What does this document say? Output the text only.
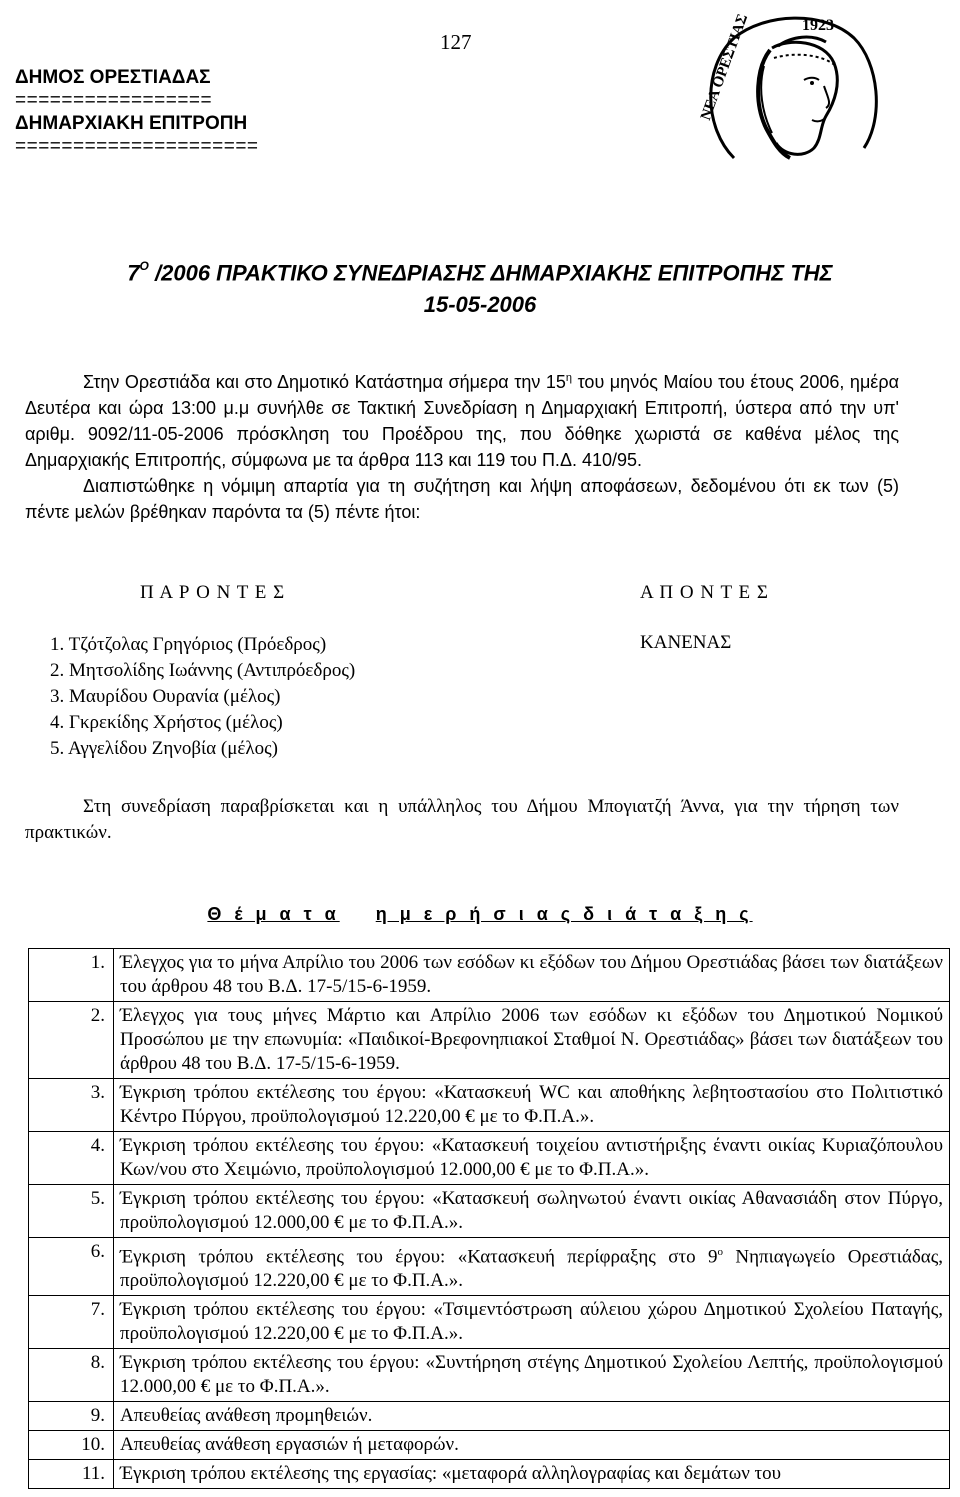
127
ΔΗΜΟΣ ΟΡΕΣΤΙΑΔΑΣ
=================
ΔΗΜΑΡΧΙΑΚΗ ΕΠΙΤΡΟΠΗ
=====================
1923
ΝΕΑ ΟΡΕΣΤΙΑΣ
$7^O$ /2006 ΠΡΑΚΤΙΚΟ ΣΥΝΕΔΡΙΑΣΗΣ ΔΗΜΑΡΧΙΑΚΗΣ ΕΠΙΤΡΟΠΗΣ ΤΗΣ
15-05-2006

Στην Ορεστιάδα και στο Δημοτικό Κατάστημα σήμερα την $15^\eta$ του μηνός Μαίου του έτους 2006, ημέρα Δευτέρα και ώρα 13:00 μ.μ συνήλθε σε Τακτική Συνεδρίαση η Δημαρχιακή Επιτροπή, ύστερα από την υπ' αριθμ. 9092/11-05-2006 πρόσκληση του Προέδρου της, που δόθηκε χωριστά σε καθένα μέλος της Δημαρχιακής Επιτροπής, σύμφωνα με τα άρθρα 113 και 119 του Π.Δ. 410/95.

Διαπιστώθηκε η νόμιμη απαρτία για τη συζήτηση και λήψη αποφάσεων, δεδομένου ότι εκ των (5) πέντε μελών βρέθηκαν παρόντα τα (5) πέντε ήτοι:

Π Α Ρ Ο Ν Τ Ε Σ	Α Π Ο Ν Τ Ε Σ
1. Τζότζολας Γρηγόριος (Πρόεδρος)
2. Μητσολίδης Ιωάννης (Αντιπρόεδρος)
3. Μαυρίδου Ουρανία (μέλος)
4. Γκρεκίδης Χρήστος (μέλος)
5. Αγγελίδου Ζηνοβία (μέλος)
ΚΑΝΕΝΑΣ

Στη συνεδρίαση παραβρίσκεται και η υπάλληλος του Δήμου Μπογιατζή Άννα, για την τήρηση των πρακτικών.

Θ έ μ α τ α η μ ε ρ ή σ ι α ς δ ι ά τ α ξ η ς
1.	Έλεγχος για το μήνα Απρίλιο του 2006 των εσόδων κι εξόδων του Δήμου Ορεστιάδας βάσει των διατάξεων του άρθρου 48 του Β.Δ. 17-5/15-6-1959.
2.	Έλεγχος για τους μήνες Μάρτιο και Απρίλιο 2006 των εσόδων κι εξόδων του Δημοτικού Νομικού Προσώπου με την επωνυμία: «Παιδικοί-Βρεφονηπιακοί Σταθμοί Ν. Ορεστιάδας» βάσει των διατάξεων του άρθρου 48 του Β.Δ. 17-5/15-6-1959.
3.	Έγκριση τρόπου εκτέλεσης του έργου: «Κατασκευή WC και αποθήκης λεβητοστασίου στο Πολιτιστικό Κέντρο Πύργου, προϋπολογισμού 12.220,00 € με το Φ.Π.Α.».
4.	Έγκριση τρόπου εκτέλεσης του έργου: «Κατασκευή τοιχείου αντιστήριξης έναντι οικίας Κυριαζόπουλου Κων/νου στο Χειμώνιο, προϋπολογισμού 12.000,00 € με το Φ.Π.Α.».
5.	Έγκριση τρόπου εκτέλεσης του έργου: «Κατασκευή σωληνωτού έναντι οικίας Αθανασιάδη στον Πύργο, προϋπολογισμού 12.000,00 € με το Φ.Π.Α.».
6.	Έγκριση τρόπου εκτέλεσης του έργου: «Κατασκευή περίφραξης στο $9^o$ Νηπιαγωγείο Ορεστιάδας, προϋπολογισμού 12.220,00 € με το Φ.Π.Α.».
7.	Έγκριση τρόπου εκτέλεσης του έργου: «Τσιμεντόστρωση αύλειου χώρου Δημοτικού Σχολείου Παταγής, προϋπολογισμού 12.220,00 € με το Φ.Π.Α.».
8.	Έγκριση τρόπου εκτέλεσης του έργου: «Συντήρηση στέγης Δημοτικού Σχολείου Λεπτής, προϋπολογισμού 12.000,00 € με το Φ.Π.Α.».
9.	Απευθείας ανάθεση προμηθειών.
10.	Απευθείας ανάθεση εργασιών ή μεταφορών.
11.	Έγκριση τρόπου εκτέλεσης της εργασίας: «μεταφορά αλληλογραφίας και δεμάτων του
